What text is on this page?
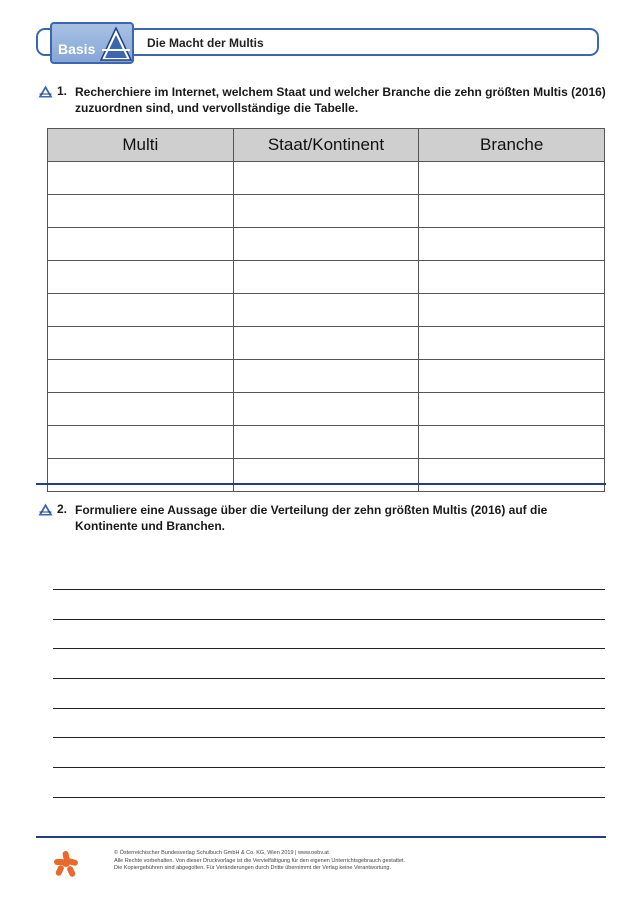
Basis	Die Macht der Multis
1. Recherchiere im Internet, welchem Staat und welcher Branche die zehn größten Multis (2016) zuzuordnen sind, und vervollständige die Tabelle.
Multi	Staat/Kontinent	Branche

2. Formuliere eine Aussage über die Verteilung der zehn größten Multis (2016) auf die Kontinente und Branchen.
© Österreichischer Bundesverlag Schulbuch GmbH & Co. KG, Wien 2019 | www.oebv.at
Alle Rechte vorbehalten. Von dieser Druckvorlage ist die Vervielfältigung für den eigenen Unterrichtsgebrauch gestattet.
Die Kopiergebühren sind abgegolten. Für Veränderungen durch Dritte übernimmt der Verlag keine Verantwortung.
